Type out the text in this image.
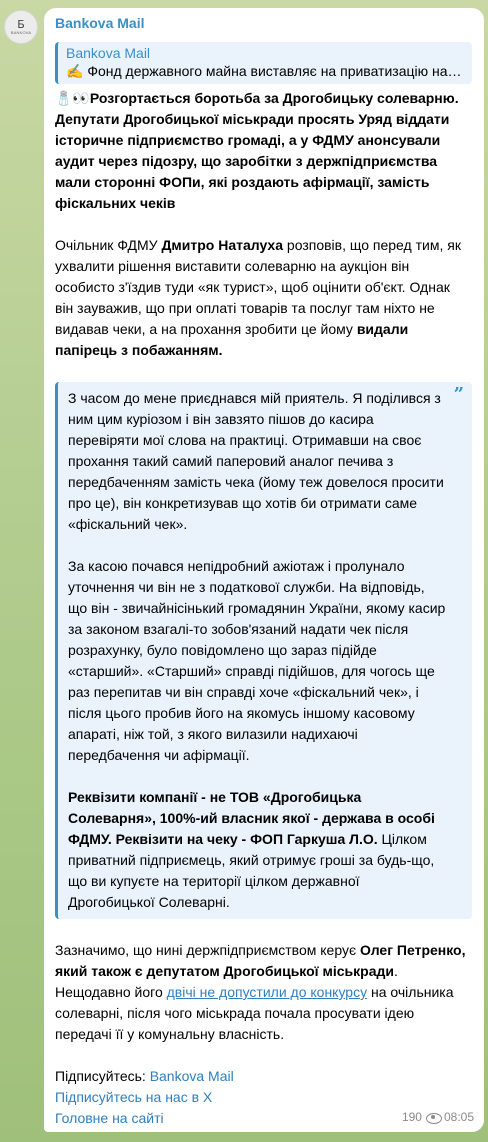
Б
BANKOVA
Bankova Mail
Bankova Mail
✍️ Фонд державного майна виставляє на приватизацію на…

🧂👀Розгортається боротьба за Дрогобицьку солеварню. Депутати Дрогобицької міськради просять Уряд віддати історичне підприємство громаді, а у ФДМУ анонсували аудит через підозру, що заробітки з держпідприємства мали сторонні ФОПи, які роздають афірмації, замість фіскальних чеків

Очільник ФДМУ Дмитро Наталуха розповів, що перед тим, як ухвалити рішення виставити солеварню на аукціон він особисто з'їздив туди «як турист», щоб оцінити об'єкт. Однак він зауважив, що при оплаті товарів та послуг там ніхто не видавав чеки, а на прохання зробити це йому видали папірець з побажанням.

”

З часом до мене приєднався мій приятель. Я поділився з ним цим куріозом і він завзято пішов до касира перевіряти мої слова на практиці. Отримавши на своє прохання такий самий паперовий аналог печива з передбаченням замість чека (йому теж довелося просити про це), він конкретизував що хотів би отримати саме «фіскальний чек».

За касою почався непідробний ажіотаж і пролунало уточнення чи він не з податкової служби. На відповідь, що він - звичайнісінький громадянин України, якому касир за законом взагалі-то зобов'язаний надати чек після розрахунку, було повідомлено що зараз підійде «старший». «Старший» справді підійшов, для чогось ще раз перепитав чи він справді хоче «фіскальний чек», і після цього пробив його на якомусь іншому касовому апараті, ніж той, з якого вилазили надихаючі передбачення чи афірмації.

Реквізити компанії - не ТОВ «Дрогобицька Солеварня», 100%-ий власник якої - держава в особі ФДМУ. Реквізити на чеку - ФОП Гаркуша Л.О. Цілком приватний підприємець, який отримує гроші за будь-що, що ви купуєте на території цілком державної Дрогобицької Солеварні.

Зазначимо, що нині держпідприємством керує Олег Петренко, який також є депутатом Дрогобицької міськради. Нещодавно його двічі не допустили до конкурсу на очільника солеварні, після чого міськрада почала просувати ідею передачі її у комунальну власність.

Підписуйтесь: Bankova Mail
Підписуйтесь на нас в X
Головне на сайті	190 08:05
